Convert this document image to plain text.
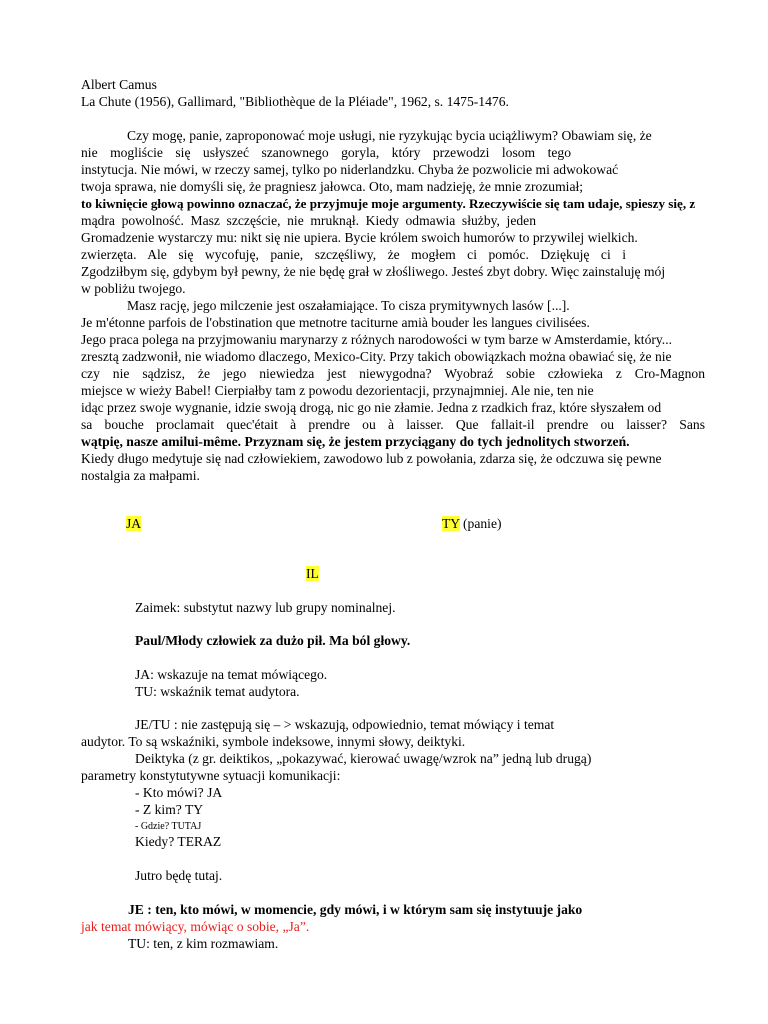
Albert Camus
La Chute (1956), Gallimard, "Bibliothèque de la Pléiade", 1962, s. 1475-1476.
Czy mogę, panie, zaproponować moje usługi, nie ryzykując bycia uciążliwym? Obawiam się, że
nie mogliście się usłyszeć szanownego goryla, który przewodzi losom tego
instytucja. Nie mówi, w rzeczy samej, tylko po niderlandzku. Chyba że pozwolicie mi adwokować
twoja sprawa, nie domyśli się, że pragniesz jałowca. Oto, mam nadzieję, że mnie zrozumiał;
to kiwnięcie głową powinno oznaczać, że przyjmuje moje argumenty. Rzeczywiście się tam udaje, spieszy się, z
mądra powolność. Masz szczęście, nie mruknął. Kiedy odmawia służby, jeden
Gromadzenie wystarczy mu: nikt się nie upiera. Bycie królem swoich humorów to przywilej wielkich.
zwierzęta. Ale się wycofuję, panie, szczęśliwy, że mogłem ci pomóc. Dziękuję ci i
Zgodziłbym się, gdybym był pewny, że nie będę grał w złośliwego. Jesteś zbyt dobry. Więc zainstaluję mój
w pobliżu twojego.
Masz rację, jego milczenie jest oszałamiające. To cisza prymitywnych lasów [...].
Je m'étonne parfois de l'obstination que metnotre taciturne amià bouder les langues civilisées.
Jego praca polega na przyjmowaniu marynarzy z różnych narodowości w tym barze w Amsterdamie, który...
zresztą zadzwonił, nie wiadomo dlaczego, Mexico-City. Przy takich obowiązkach można obawiać się, że nie
czy nie sądzisz, że jego niewiedza jest niewygodna? Wyobraź sobie człowieka z Cro-Magnon
miejsce w wieży Babel! Cierpiałby tam z powodu dezorientacji, przynajmniej. Ale nie, ten nie
idąc przez swoje wygnanie, idzie swoją drogą, nic go nie złamie. Jedna z rzadkich fraz, które słyszałem od
sa bouche proclamait quec'était à prendre ou à laisser. Que fallait-il prendre ou laisser? Sans
wątpię, nasze amilui-même. Przyznam się, że jestem przyciągany do tych jednolitych stworzeń.
Kiedy długo medytuje się nad człowiekiem, zawodowo lub z powołania, zdarza się, że odczuwa się pewne
nostalgia za małpami.
JA	TY (panie)
IL
Zaimek: substytut nazwy lub grupy nominalnej.
Paul/Młody człowiek za dużo pił. Ma ból głowy.
JA: wskazuje na temat mówiącego.
TU: wskaźnik temat audytora.
JE/TU : nie zastępują się – > wskazują, odpowiednio, temat mówiący i temat
audytor. To są wskaźniki, symbole indeksowe, innymi słowy, deiktyki.
Deiktyka (z gr. deiktikos, „pokazywać, kierować uwagę/wzrok na” jedną lub drugą)
parametry konstytutywne sytuacji komunikacji:
- Kto mówi? JA
- Z kim? TY
- Gdzie? TUTAJ
Kiedy? TERAZ
Jutro będę tutaj.
JE : ten, kto mówi, w momencie, gdy mówi, i w którym sam się instytuuje jako
jak temat mówiący, mówiąc o sobie, „Ja”.
TU: ten, z kim rozmawiam.
